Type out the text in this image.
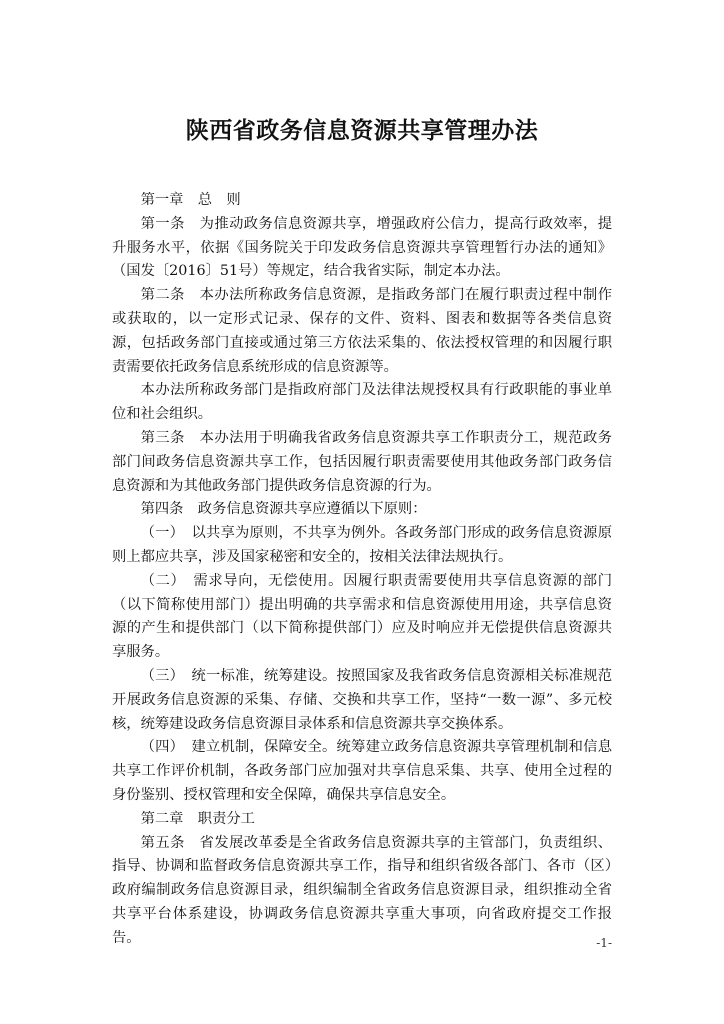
陕西省政务信息资源共享管理办法

第一章　总　则

第一条　为推动政务信息资源共享，增强政府公信力，提高行政效率，提升服务水平，依据《国务院关于印发政务信息资源共享管理暂行办法的通知》（国发〔2016〕51号）等规定，结合我省实际，制定本办法。

第二条　本办法所称政务信息资源，是指政务部门在履行职责过程中制作或获取的，以一定形式记录、保存的文件、资料、图表和数据等各类信息资源，包括政务部门直接或通过第三方依法采集的、依法授权管理的和因履行职责需要依托政务信息系统形成的信息资源等。

本办法所称政务部门是指政府部门及法律法规授权具有行政职能的事业单位和社会组织。

第三条　本办法用于明确我省政务信息资源共享工作职责分工，规范政务部门间政务信息资源共享工作，包括因履行职责需要使用其他政务部门政务信息资源和为其他政务部门提供政务信息资源的行为。

第四条　政务信息资源共享应遵循以下原则：

（一）　以共享为原则，不共享为例外。各政务部门形成的政务信息资源原则上都应共享，涉及国家秘密和安全的，按相关法律法规执行。

（二）　需求导向，无偿使用。因履行职责需要使用共享信息资源的部门（以下简称使用部门）提出明确的共享需求和信息资源使用用途，共享信息资源的产生和提供部门（以下简称提供部门）应及时响应并无偿提供信息资源共享服务。

（三）　统一标准，统筹建设。按照国家及我省政务信息资源相关标准规范开展政务信息资源的采集、存储、交换和共享工作，坚持“一数一源”、多元校核，统筹建设政务信息资源目录体系和信息资源共享交换体系。

（四）　建立机制，保障安全。统筹建立政务信息资源共享管理机制和信息共享工作评价机制，各政务部门应加强对共享信息采集、共享、使用全过程的身份鉴别、授权管理和安全保障，确保共享信息安全。

第二章　职责分工

第五条　省发展改革委是全省政务信息资源共享的主管部门，负责组织、指导、协调和监督政务信息资源共享工作，指导和组织省级各部门、各市（区）政府编制政务信息资源目录，组织编制全省政务信息资源目录，组织推动全省共享平台体系建设，协调政务信息资源共享重大事项，向省政府提交工作报告。	-1-
